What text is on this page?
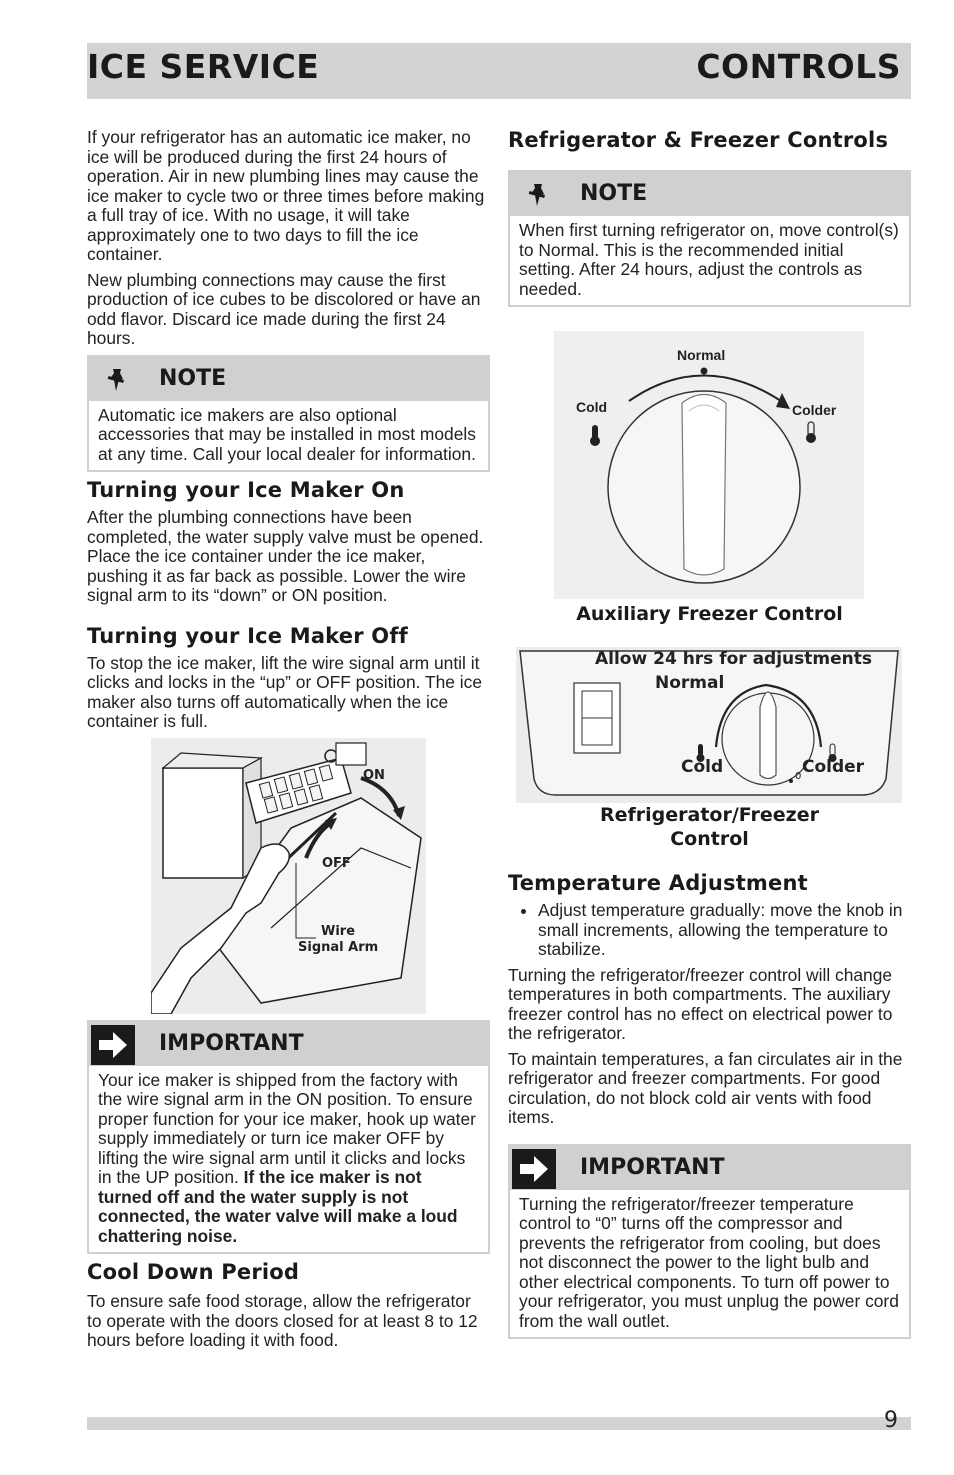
ICE SERVICE	CONTROLS

If your refrigerator has an automatic ice maker, no ice will be produced during the first 24 hours of operation. Air in new plumbing lines may cause the ice maker to cycle two or three times before making a full tray of ice. With no usage, it will take approximately one to two days to fill the ice container.

New plumbing connections may cause the first production of ice cubes to be discolored or have an odd flavor. Discard ice made during the first 24 hours.

NOTE
Automatic ice makers are also optional accessories that may be installed in most models at any time. Call your local dealer for information.
Turning your Ice Maker On

After the plumbing connections have been completed, the water supply valve must be opened. Place the ice container under the ice maker, pushing it as far back as possible. Lower the wire signal arm to its “down” or ON position.

Turning your Ice Maker Off

To stop the ice maker, lift the wire signal arm until it clicks and locks in the “up” or OFF position. The ice maker also turns off automatically when the ice container is full.

ON
OFF
Wire
Signal Arm
IMPORTANT
Your ice maker is shipped from the factory with the wire signal arm in the ON position. To ensure proper function for your ice maker, hook up water supply immediately or turn ice maker OFF by lifting the wire signal arm until it clicks and locks in the UP position. If the ice maker is not turned off and the water supply is not connected, the water valve will make a loud chattering noise.
Cool Down Period

To ensure safe food storage, allow the refrigerator to operate with the doors closed for at least 8 to 12 hours before loading it with food.

Refrigerator & Freezer Controls
NOTE
When first turning refrigerator on, move control(s) to Normal. This is the recommended initial setting. After 24 hours, adjust the controls as needed.
Normal
Cold	Colder
Auxiliary Freezer Control
Allow 24 hrs for adjustments
Normal
Cold	Colder
0
Refrigerator/Freezer
Control
Temperature Adjustment
• Adjust temperature gradually: move the knob in small increments, allowing the temperature to stabilize.

Turning the refrigerator/freezer control will change temperatures in both compartments. The auxiliary freezer control has no effect on electrical power to the refrigerator.

To maintain temperatures, a fan circulates air in the refrigerator and freezer compartments. For good circulation, do not block cold air vents with food items.

IMPORTANT
Turning the refrigerator/freezer temperature control to “0” turns off the compressor and prevents the refrigerator from cooling, but does not disconnect the power to the light bulb and other electrical components. To turn off power to your refrigerator, you must unplug the power cord from the wall outlet.
9
